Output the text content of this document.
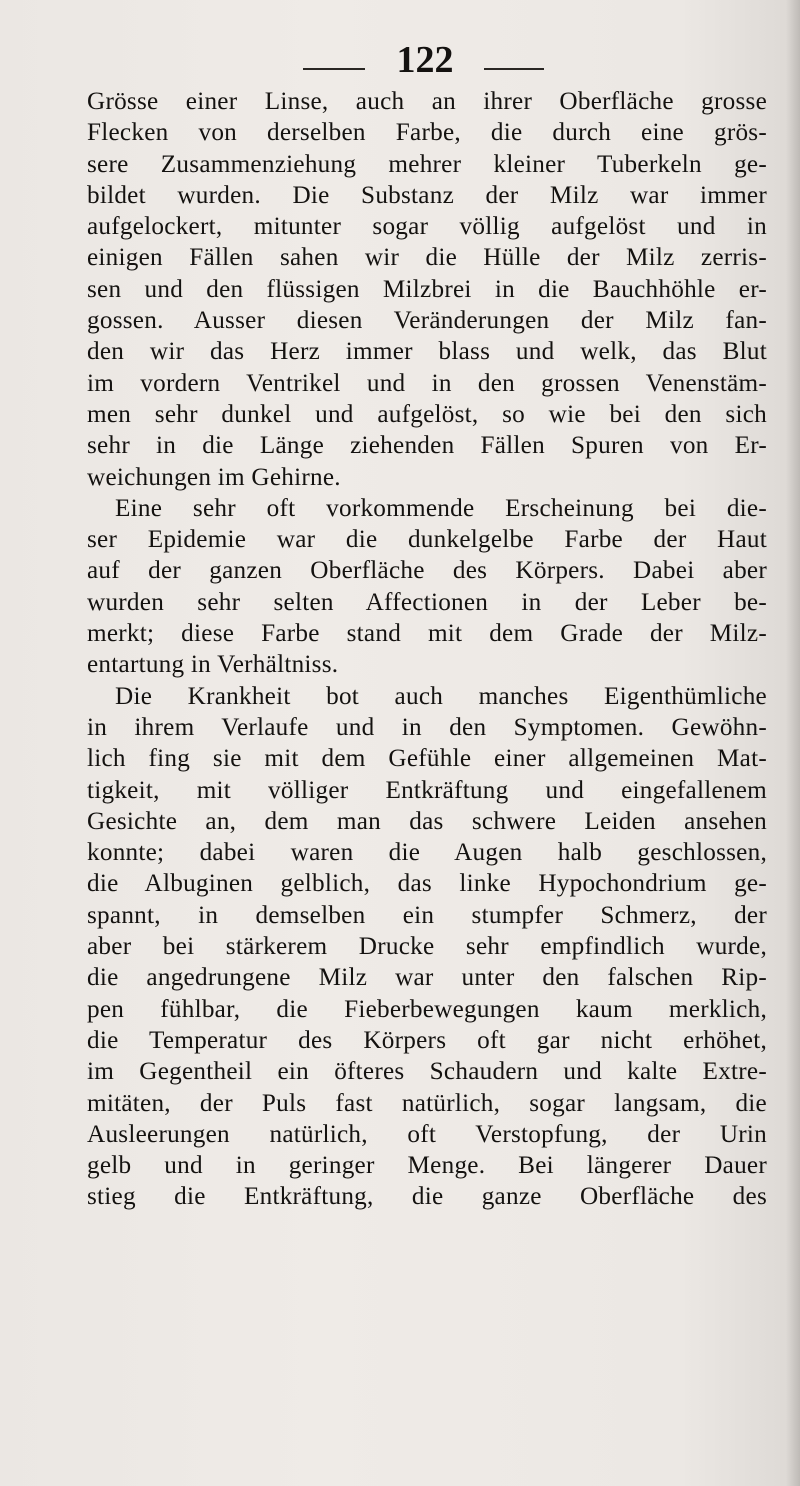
122
Grösse einer Linse, auch an ihrer Oberfläche grosse
Flecken von derselben Farbe, die durch eine grös-
sere Zusammenziehung mehrer kleiner Tuberkeln ge-
bildet wurden. Die Substanz der Milz war immer
aufgelockert, mitunter sogar völlig aufgelöst und in
einigen Fällen sahen wir die Hülle der Milz zerris-
sen und den flüssigen Milzbrei in die Bauchhöhle er-
gossen. Ausser diesen Veränderungen der Milz fan-
den wir das Herz immer blass und welk, das Blut
im vordern Ventrikel und in den grossen Venenstäm-
men sehr dunkel und aufgelöst, so wie bei den sich
sehr in die Länge ziehenden Fällen Spuren von Er-
weichungen im Gehirne.
Eine sehr oft vorkommende Erscheinung bei die-
ser Epidemie war die dunkelgelbe Farbe der Haut
auf der ganzen Oberfläche des Körpers. Dabei aber
wurden sehr selten Affectionen in der Leber be-
merkt; diese Farbe stand mit dem Grade der Milz-
entartung in Verhältniss.
Die Krankheit bot auch manches Eigenthümliche
in ihrem Verlaufe und in den Symptomen. Gewöhn-
lich fing sie mit dem Gefühle einer allgemeinen Mat-
tigkeit, mit völliger Entkräftung und eingefallenem
Gesichte an, dem man das schwere Leiden ansehen
konnte; dabei waren die Augen halb geschlossen,
die Albuginen gelblich, das linke Hypochondrium ge-
spannt, in demselben ein stumpfer Schmerz, der
aber bei stärkerem Drucke sehr empfindlich wurde,
die angedrungene Milz war unter den falschen Rip-
pen fühlbar, die Fieberbewegungen kaum merklich,
die Temperatur des Körpers oft gar nicht erhöhet,
im Gegentheil ein öfteres Schaudern und kalte Extre-
mitäten, der Puls fast natürlich, sogar langsam, die
Ausleerungen natürlich, oft Verstopfung, der Urin
gelb und in geringer Menge. Bei längerer Dauer
stieg die Entkräftung, die ganze Oberfläche des
